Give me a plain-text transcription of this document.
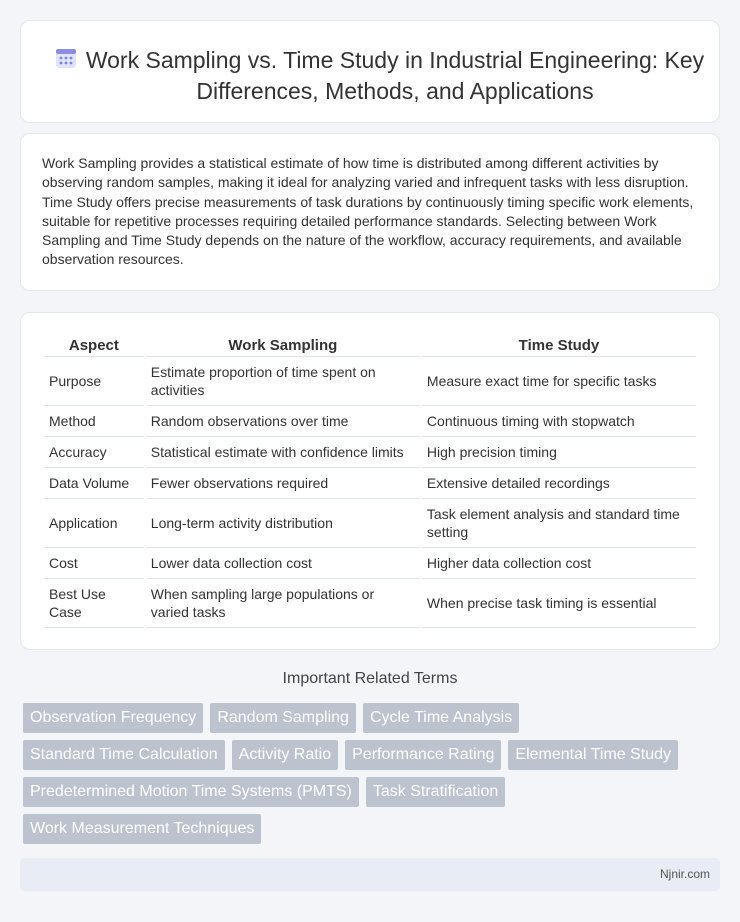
Work Sampling vs. Time Study in Industrial Engineering: Key Differences, Methods, and Applications

Work Sampling provides a statistical estimate of how time is distributed among different activities by observing random samples, making it ideal for analyzing varied and infrequent tasks with less disruption. Time Study offers precise measurements of task durations by continuously timing specific work elements, suitable for repetitive processes requiring detailed performance standards. Selecting between Work Sampling and Time Study depends on the nature of the workflow, accuracy requirements, and available observation resources.

Aspect	Work Sampling	Time Study
Purpose	Estimate proportion of time spent on activities	Measure exact time for specific tasks
Method	Random observations over time	Continuous timing with stopwatch
Accuracy	Statistical estimate with confidence limits	High precision timing
Data Volume	Fewer observations required	Extensive detailed recordings
Application	Long-term activity distribution	Task element analysis and standard time setting
Cost	Lower data collection cost	Higher data collection cost
Best Use Case	When sampling large populations or varied tasks	When precise task timing is essential
Important Related Terms
Observation Frequency	Random Sampling	Cycle Time Analysis
Standard Time Calculation	Activity Ratio	Performance Rating	Elemental Time Study
Predetermined Motion Time Systems (PMTS)	Task Stratification
Work Measurement Techniques
Njnir.com
